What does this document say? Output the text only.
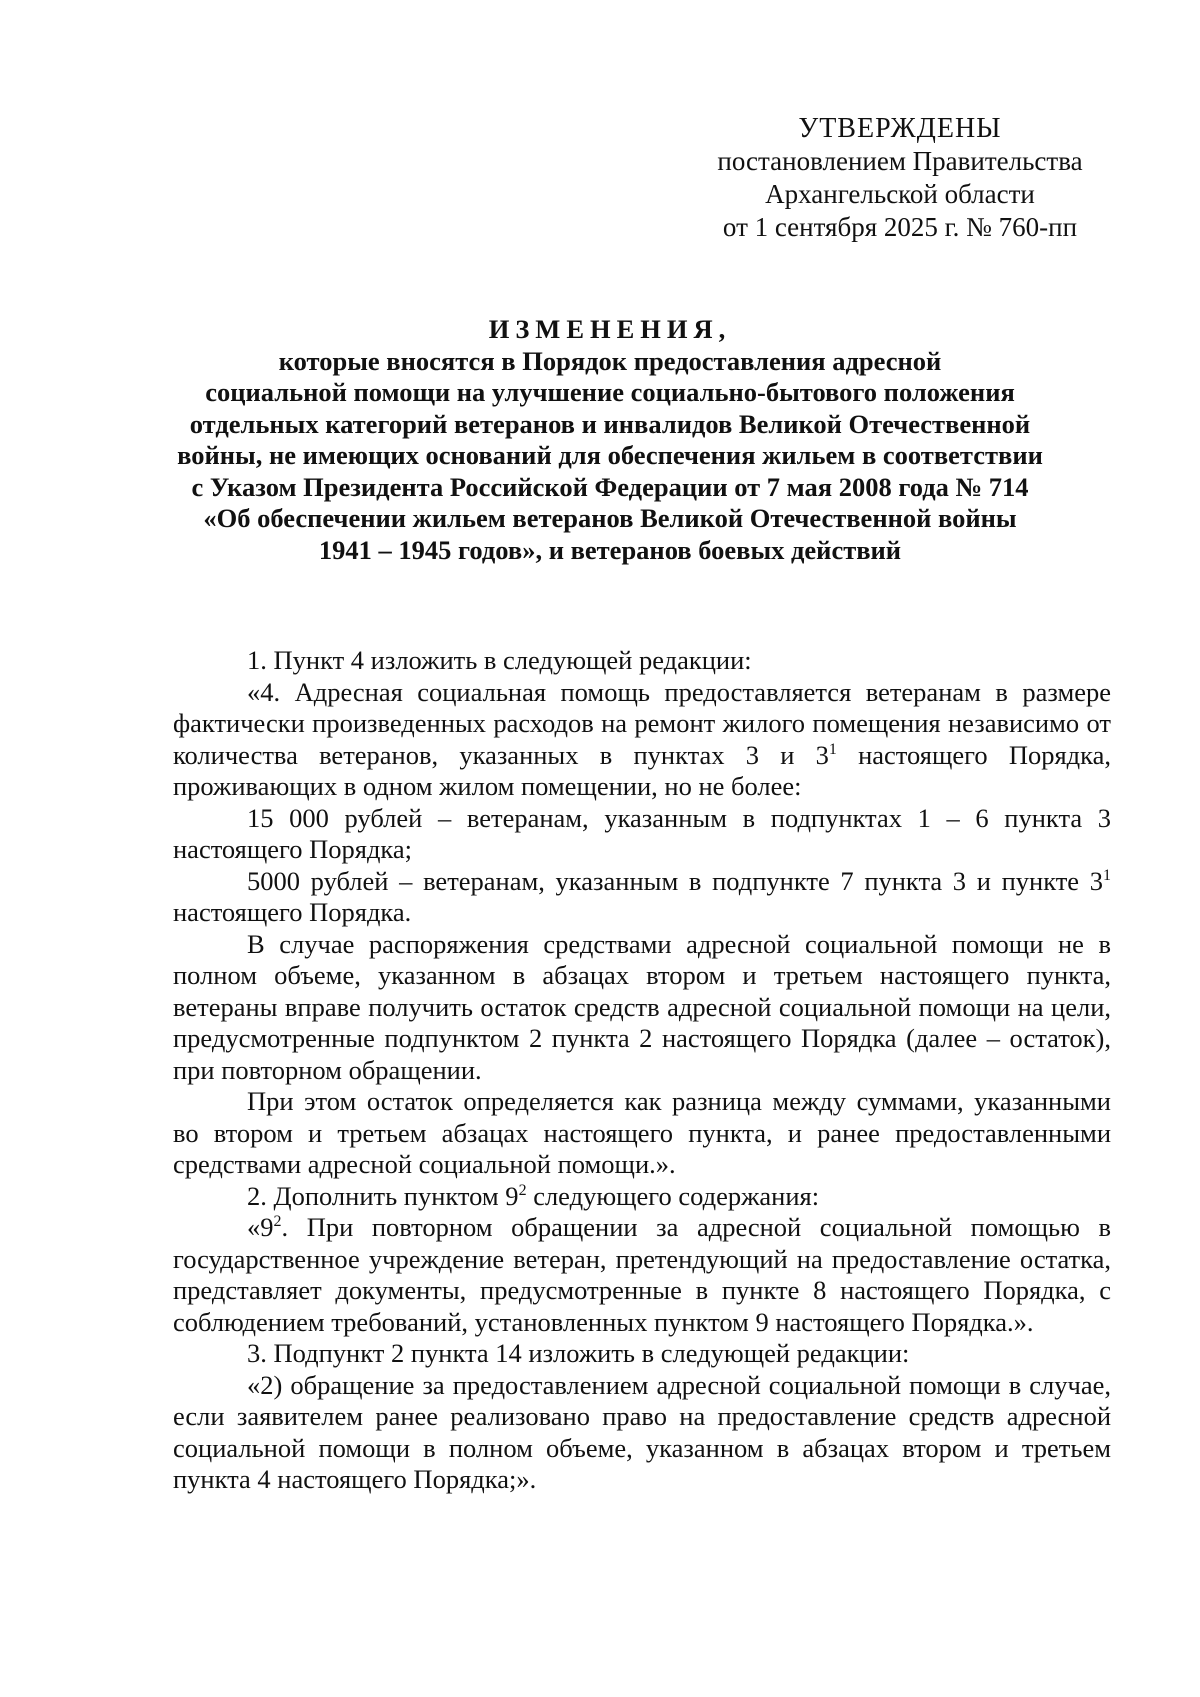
УТВЕРЖДЕНЫ
постановлением Правительства
Архангельской области
от 1 сентября 2025 г. № 760-пп
ИЗМЕНЕНИЯ,
которые вносятся в Порядок предоставления адресной
социальной помощи на улучшение социально-бытового положения
отдельных категорий ветеранов и инвалидов Великой Отечественной
войны, не имеющих оснований для обеспечения жильем в соответствии
с Указом Президента Российской Федерации от 7 мая 2008 года № 714
«Об обеспечении жильем ветеранов Великой Отечественной войны
1941 – 1945 годов», и ветеранов боевых действий

1. Пункт 4 изложить в следующей редакции:

«4. Адресная социальная помощь предоставляется ветеранам в размере фактически произведенных расходов на ремонт жилого помещения независимо от количества ветеранов, указанных в пунктах 3 и $3^1$ настоящего Порядка, проживающих в одном жилом помещении, но не более:

15 000 рублей – ветеранам, указанным в подпунктах 1 – 6 пункта 3 настоящего Порядка;

5000 рублей – ветеранам, указанным в подпункте 7 пункта 3 и пункте $3^1$ настоящего Порядка.

В случае распоряжения средствами адресной социальной помощи не в полном объеме, указанном в абзацах втором и третьем настоящего пункта, ветераны вправе получить остаток средств адресной социальной помощи на цели, предусмотренные подпунктом 2 пункта 2 настоящего Порядка (далее – остаток), при повторном обращении.

При этом остаток определяется как разница между суммами, указанными во втором и третьем абзацах настоящего пункта, и ранее предоставленными средствами адресной социальной помощи.».

2. Дополнить пунктом $9^2$ следующего содержания:

«$9^2$. При повторном обращении за адресной социальной помощью в государственное учреждение ветеран, претендующий на предоставление остатка, представляет документы, предусмотренные в пункте 8 настоящего Порядка, с соблюдением требований, установленных пунктом 9 настоящего Порядка.».

3. Подпункт 2 пункта 14 изложить в следующей редакции:

«2) обращение за предоставлением адресной социальной помощи в случае, если заявителем ранее реализовано право на предоставление средств адресной социальной помощи в полном объеме, указанном в абзацах втором и третьем пункта 4 настоящего Порядка;».
